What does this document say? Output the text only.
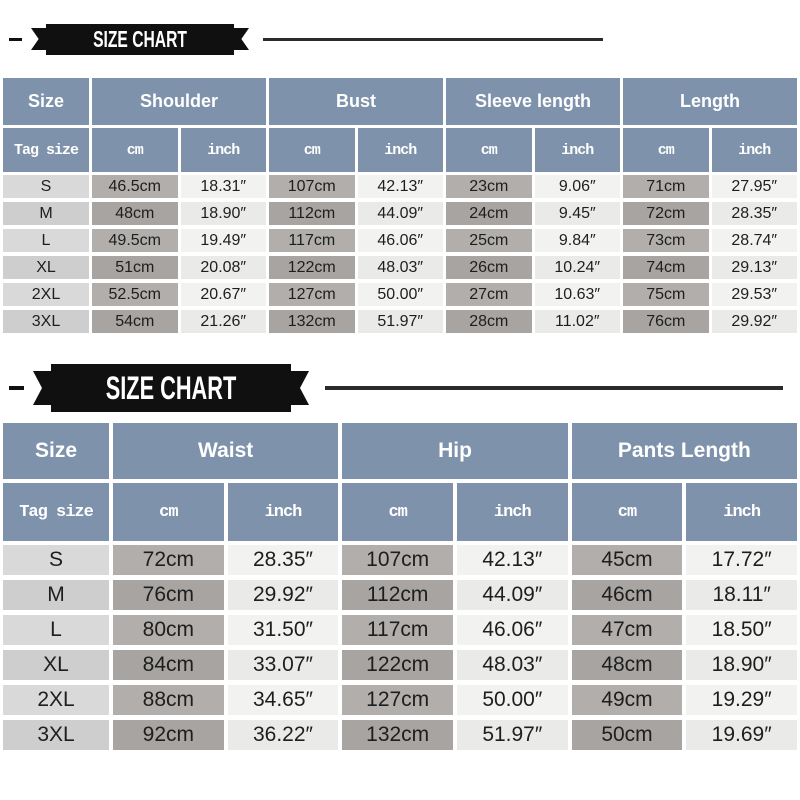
SIZE CHART
Size	Shoulder	Bust	Sleeve length	Length
Tag size	cm	inch	cm	inch	cm	inch	cm	inch
S	46.5cm	18.31″	107cm	42.13″	23cm	9.06″	71cm	27.95″
M	48cm	18.90″	112cm	44.09″	24cm	9.45″	72cm	28.35″
L	49.5cm	19.49″	117cm	46.06″	25cm	9.84″	73cm	28.74″
XL	51cm	20.08″	122cm	48.03″	26cm	10.24″	74cm	29.13″
2XL	52.5cm	20.67″	127cm	50.00″	27cm	10.63″	75cm	29.53″
3XL	54cm	21.26″	132cm	51.97″	28cm	11.02″	76cm	29.92″
SIZE CHART
Size	Waist	Hip	Pants Length
Tag size	cm	inch	cm	inch	cm	inch
S	72cm	28.35″	107cm	42.13″	45cm	17.72″
M	76cm	29.92″	112cm	44.09″	46cm	18.11″
L	80cm	31.50″	117cm	46.06″	47cm	18.50″
XL	84cm	33.07″	122cm	48.03″	48cm	18.90″
2XL	88cm	34.65″	127cm	50.00″	49cm	19.29″
3XL	92cm	36.22″	132cm	51.97″	50cm	19.69″
